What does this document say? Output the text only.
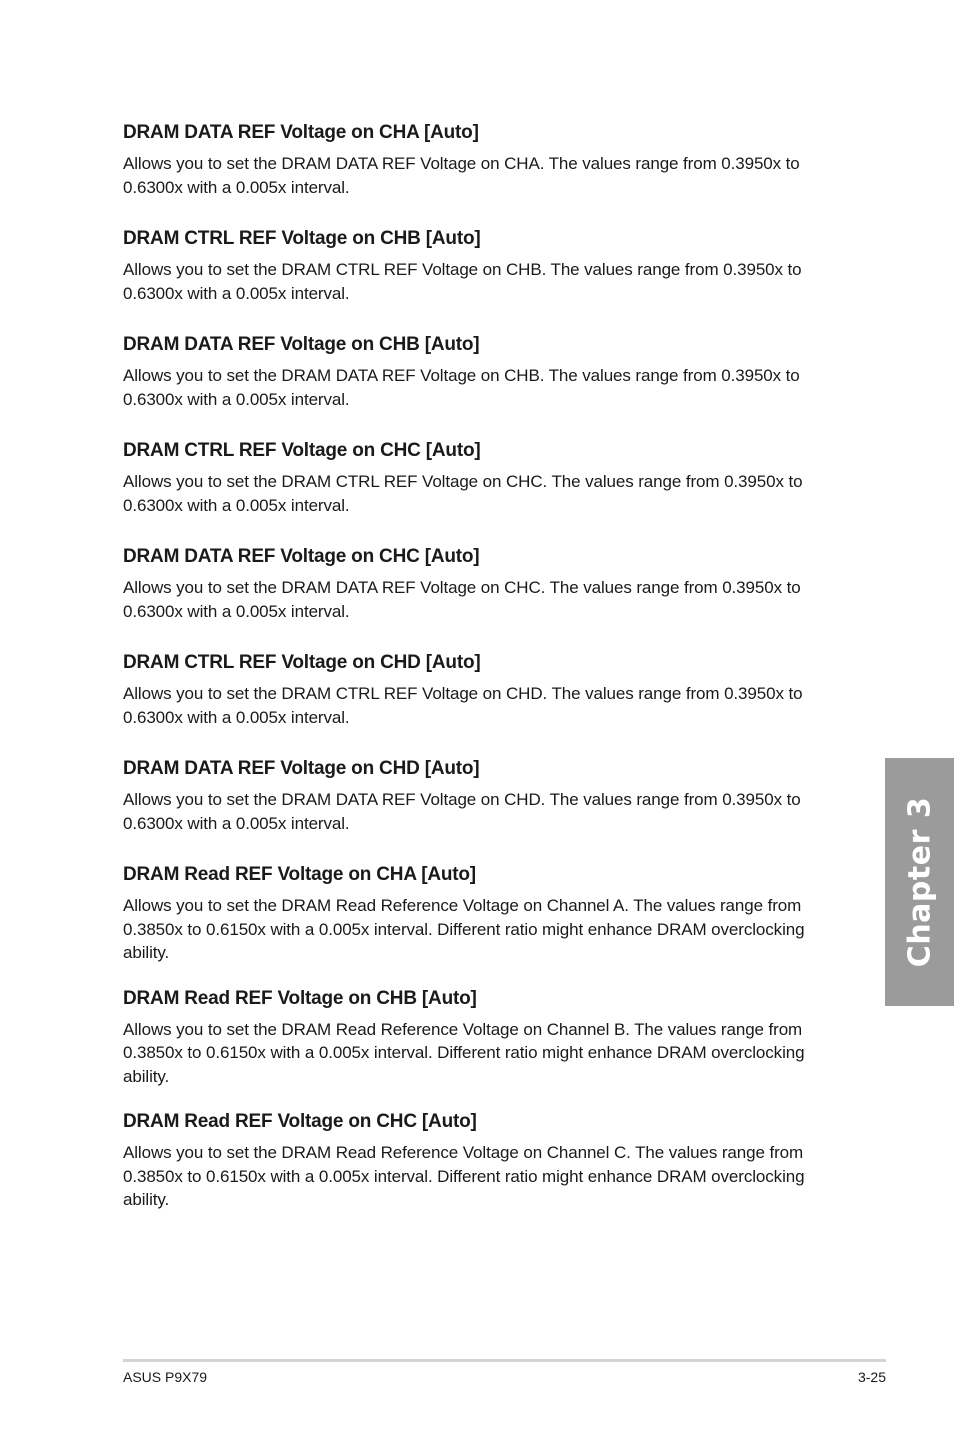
DRAM DATA REF Voltage on CHA [Auto]

Allows you to set the DRAM DATA REF Voltage on CHA. The values range from 0.3950x to
0.6300x with a 0.005x interval.

DRAM CTRL REF Voltage on CHB [Auto]

Allows you to set the DRAM CTRL REF Voltage on CHB. The values range from 0.3950x to
0.6300x with a 0.005x interval.

DRAM DATA REF Voltage on CHB [Auto]

Allows you to set the DRAM DATA REF Voltage on CHB. The values range from 0.3950x to
0.6300x with a 0.005x interval.

DRAM CTRL REF Voltage on CHC [Auto]

Allows you to set the DRAM CTRL REF Voltage on CHC. The values range from 0.3950x to
0.6300x with a 0.005x interval.

DRAM DATA REF Voltage on CHC [Auto]

Allows you to set the DRAM DATA REF Voltage on CHC. The values range from 0.3950x to
0.6300x with a 0.005x interval.

DRAM CTRL REF Voltage on CHD [Auto]

Allows you to set the DRAM CTRL REF Voltage on CHD. The values range from 0.3950x to
0.6300x with a 0.005x interval.

DRAM DATA REF Voltage on CHD [Auto]

Allows you to set the DRAM DATA REF Voltage on CHD. The values range from 0.3950x to
0.6300x with a 0.005x interval.

DRAM Read REF Voltage on CHA [Auto]

Allows you to set the DRAM Read Reference Voltage on Channel A. The values range from
0.3850x to 0.6150x with a 0.005x interval. Different ratio might enhance DRAM overclocking
ability.

DRAM Read REF Voltage on CHB [Auto]

Allows you to set the DRAM Read Reference Voltage on Channel B. The values range from
0.3850x to 0.6150x with a 0.005x interval. Different ratio might enhance DRAM overclocking
ability.

DRAM Read REF Voltage on CHC [Auto]

Allows you to set the DRAM Read Reference Voltage on Channel C. The values range from
0.3850x to 0.6150x with a 0.005x interval. Different ratio might enhance DRAM overclocking
ability.

Chapter 3
ASUS P9X79	3-25
